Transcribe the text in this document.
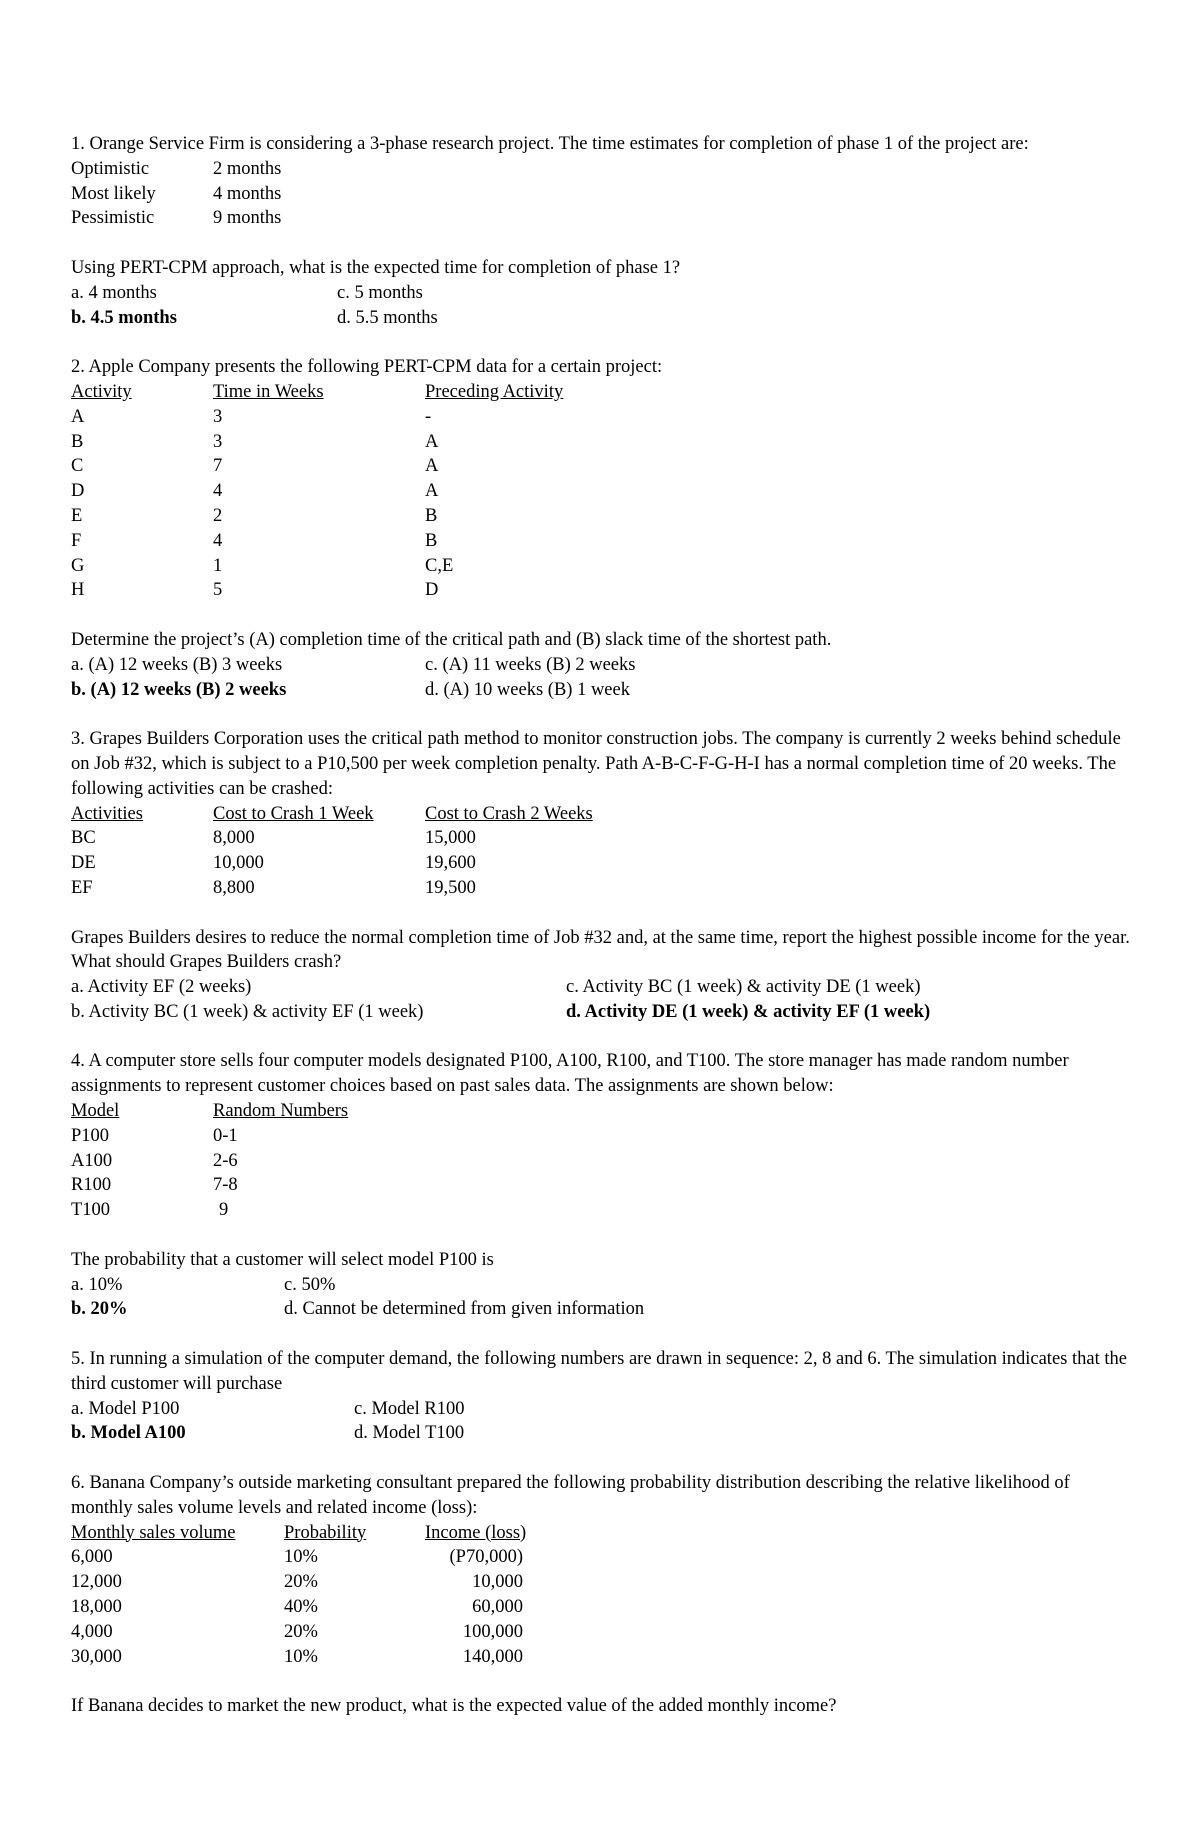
1. Orange Service Firm is considering a 3-phase research project. The time estimates for completion of phase 1 of the project are:

Optimistic	2 months
Most likely	4 months
Pessimistic	9 months

Using PERT-CPM approach, what is the expected time for completion of phase 1?

a. 4 months	c. 5 months
b. 4.5 months	d. 5.5 months

2. Apple Company presents the following PERT-CPM data for a certain project:

Activity	Time in Weeks	Preceding Activity
A	3	-
B	3	A
C	7	A
D	4	A
E	2	B
F	4	B
G	1	C,E
H	5	D

Determine the project’s (A) completion time of the critical path and (B) slack time of the shortest path.

a. (A) 12 weeks (B) 3 weeks	c. (A) 11 weeks (B) 2 weeks
b. (A) 12 weeks (B) 2 weeks	d. (A) 10 weeks (B) 1 week

3. Grapes Builders Corporation uses the critical path method to monitor construction jobs. The company is currently 2 weeks behind schedule on Job #32, which is subject to a P10,500 per week completion penalty. Path A-B-C-F-G-H-I has a normal completion time of 20 weeks. The following activities can be crashed:

Activities	Cost to Crash 1 Week	Cost to Crash 2 Weeks
BC	8,000	15,000
DE	10,000	19,600
EF	8,800	19,500

Grapes Builders desires to reduce the normal completion time of Job #32 and, at the same time, report the highest possible income for the year. What should Grapes Builders crash?

a. Activity EF (2 weeks)	c. Activity BC (1 week) & activity DE (1 week)
b. Activity BC (1 week) & activity EF (1 week)	d. Activity DE (1 week) & activity EF (1 week)

4. A computer store sells four computer models designated P100, A100, R100, and T100. The store manager has made random number assignments to represent customer choices based on past sales data. The assignments are shown below:

Model	Random Numbers
P100	0-1
A100	2-6
R100	7-8
T100	9

The probability that a customer will select model P100 is

a. 10%	c. 50%
b. 20%	d. Cannot be determined from given information

5. In running a simulation of the computer demand, the following numbers are drawn in sequence: 2, 8 and 6. The simulation indicates that the third customer will purchase

a. Model P100	c. Model R100
b. Model A100	d. Model T100

6. Banana Company’s outside marketing consultant prepared the following probability distribution describing the relative likelihood of monthly sales volume levels and related income (loss):

Monthly sales volume	Probability	Income (loss)
6,000	10%	(P70,000)
12,000	20%	10,000
18,000	40%	60,000
4,000	20%	100,000
30,000	10%	140,000

If Banana decides to market the new product, what is the expected value of the added monthly income?
